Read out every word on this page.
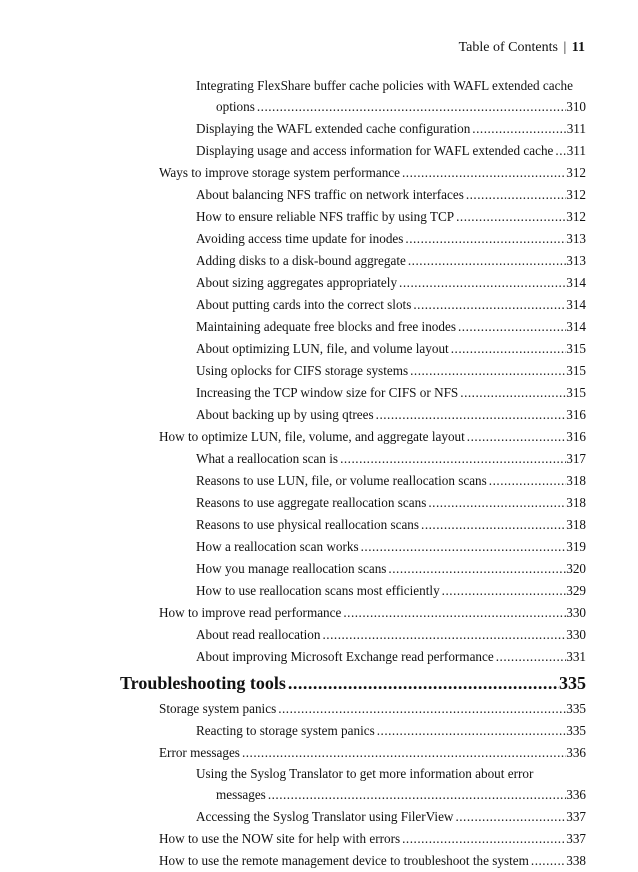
Table of Contents | 11
Integrating FlexShare buffer cache policies with WAFL extended cache
options .....	310
Displaying the WAFL extended cache configuration .....	311
Displaying usage and access information for WAFL extended cache ..... 311
Ways to improve storage system performance .....	312
About balancing NFS traffic on network interfaces .....	312
How to ensure reliable NFS traffic by using TCP .....	312
Avoiding access time update for inodes .....	313
Adding disks to a disk-bound aggregate .....	313
About sizing aggregates appropriately .....	314
About putting cards into the correct slots .....	314
Maintaining adequate free blocks and free inodes .....	314
About optimizing LUN, file, and volume layout .....	315
Using oplocks for CIFS storage systems .....	315
Increasing the TCP window size for CIFS or NFS .....	315
About backing up by using qtrees .....	316
How to optimize LUN, file, volume, and aggregate layout .....	316
What a reallocation scan is .....	317
Reasons to use LUN, file, or volume reallocation scans .....	318
Reasons to use aggregate reallocation scans .....	318
Reasons to use physical reallocation scans .....	318
How a reallocation scan works .....	319
How you manage reallocation scans .....	320
How to use reallocation scans most efficiently .....	329
How to improve read performance .....	330
About read reallocation .....	330
About improving Microsoft Exchange read performance .....	331
Troubleshooting tools .....	335
Storage system panics .....	335
Reacting to storage system panics .....	335
Error messages .....	336
Using the Syslog Translator to get more information about error
messages .....	336
Accessing the Syslog Translator using FilerView .....	337
How to use the NOW site for help with errors .....	337
How to use the remote management device to troubleshoot the system .....	338
